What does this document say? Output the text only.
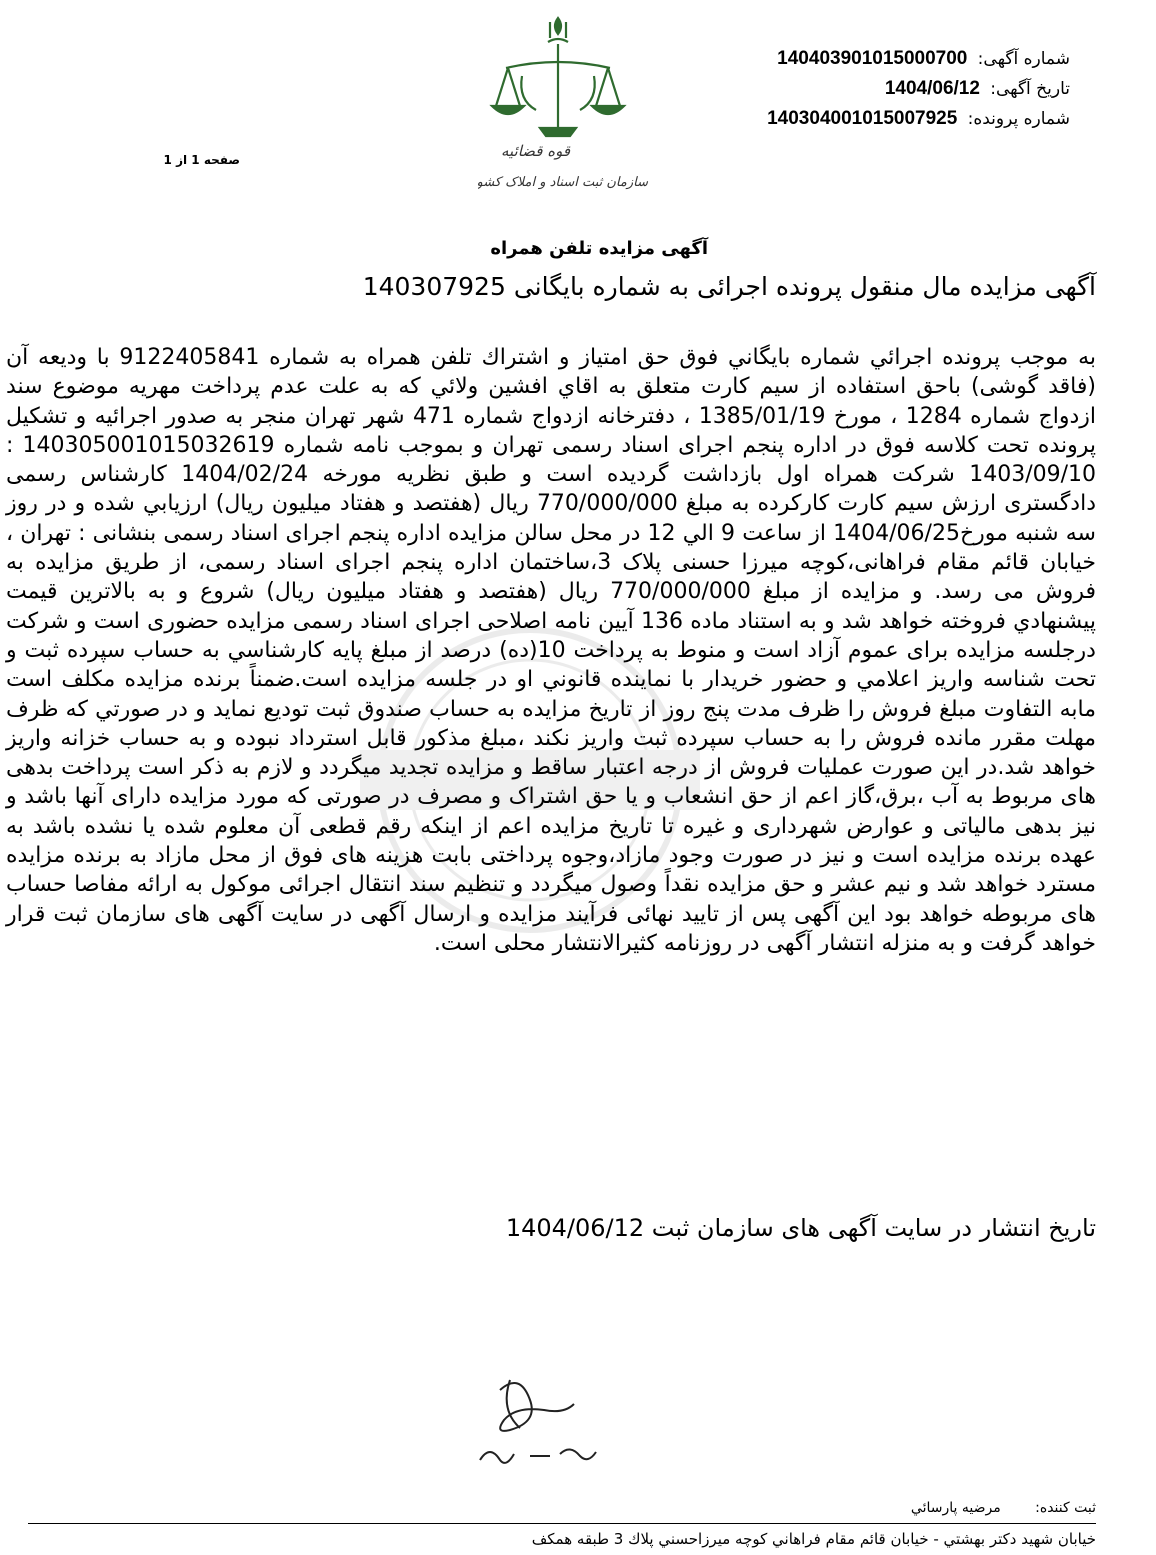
قوه قضائیه
سازمان ثبت اسناد و املاک کشور
شماره آگهی: 140403901015000700
تاریخ آگهی: 1404/06/12
شماره پرونده: 140304001015007925
صفحه 1 از 1
آگهی مزایده تلفن همراه
آگهی مزایده مال منقول پرونده اجرائی به شماره بایگانی 140307925
به موجب پرونده اجرائي شماره بايگاني فوق حق امتياز و اشتراك تلفن همراه به شماره 9122405841 با وديعه آن (فاقد گوشی) باحق استفاده از سیم کارت متعلق به اقاي افشين ولائي كه به علت عدم پرداخت مهريه موضوع سند ازدواج شماره 1284 ، مورخ 1385/01/19 ، دفترخانه ازدواج شماره 471 شهر تهران منجر به صدور اجرائيه و تشكيل پرونده تحت كلاسه فوق در اداره پنجم اجرای اسناد رسمی تهران و بموجب نامه شماره 140305001015032619 : 1403/09/10 شرکت همراه اول بازداشت گرديده است و طبق نظريه مورخه 1404/02/24 كارشناس رسمی دادگستری ارزش سیم کارت کارکرده به مبلغ 770/000/000 ريال (هفتصد و هفتاد ميليون ريال) ارزيابي شده و در روز سه شنبه مورخ1404/06/25 از ساعت 9 الي 12 در محل سالن مزايده اداره پنجم اجرای اسناد رسمی بنشانی : تهران ، خیابان قائم مقام فراهانی،کوچه میرزا حسنی پلاک 3،ساختمان اداره پنجم اجرای اسناد رسمی، از طريق مزايده به فروش می رسد. و مزايده از مبلغ 770/000/000 ريال (هفتصد و هفتاد ميليون ريال) شروع و به بالاترين قيمت پيشنهادي فروخته خواهد شد و به استناد ماده 136 آيين نامه اصلاحی اجرای اسناد رسمی مزایده حضوری است و شرکت درجلسه مزایده برای عموم آزاد است و منوط به پرداخت 10(ده) درصد از مبلغ پایه کارشناسي به حساب سپرده ثبت و تحت شناسه واریز اعلامي و حضور خريدار با نماينده قانوني او در جلسه مزايده است.ضمناً برنده مزايده مكلف است مابه التفاوت مبلغ فروش را ظرف مدت پنج روز از تاريخ مزايده به حساب صندوق ثبت توديع نمايد و در صورتي كه ظرف مهلت مقرر مانده فروش را به حساب سپرده ثبت واريز نكند ،مبلغ مذكور قابل استرداد نبوده و به حساب خزانه واريز خواهد شد.در اين صورت عمليات فروش از درجه اعتبار ساقط و مزايده تجديد ميگردد و لازم به ذكر است پرداخت بدهی های مربوط به آب ،برق،گاز اعم از حق انشعاب و يا حق اشتراک و مصرف در صورتی كه مورد مزايده دارای آنها باشد و نيز بدهی مالياتی و عوارض شهرداری و غيره تا تاريخ مزايده اعم از اينكه رقم قطعی آن معلوم شده يا نشده باشد به عهده برنده مزايده است و نيز در صورت وجود مازاد،وجوه پرداختی بابت هزينه های فوق از محل مازاد به برنده مزايده مسترد خواهد شد و نيم عشر و حق مزايده نقداً وصول ميگردد و تنظيم سند انتقال اجرائی موكول به ارائه مفاصا حساب های مربوطه خواهد بود اين آگهی پس از تاييد نهائی فرآيند مزايده و ارسال آگهی در سايت آگهی های سازمان ثبت قرار خواهد گرفت و به منزله انتشار آگهی در روزنامه كثيرالانتشار محلی است.
تاریخ انتشار در سایت آگهی های سازمان ثبت 1404/06/12
ثبت کننده: مرضیه پارسائي
خيابان شهيد دكتر بهشتي - خيابان قائم مقام فراهاني كوچه ميرزاحسني پلاك 3 طبقه همكف
